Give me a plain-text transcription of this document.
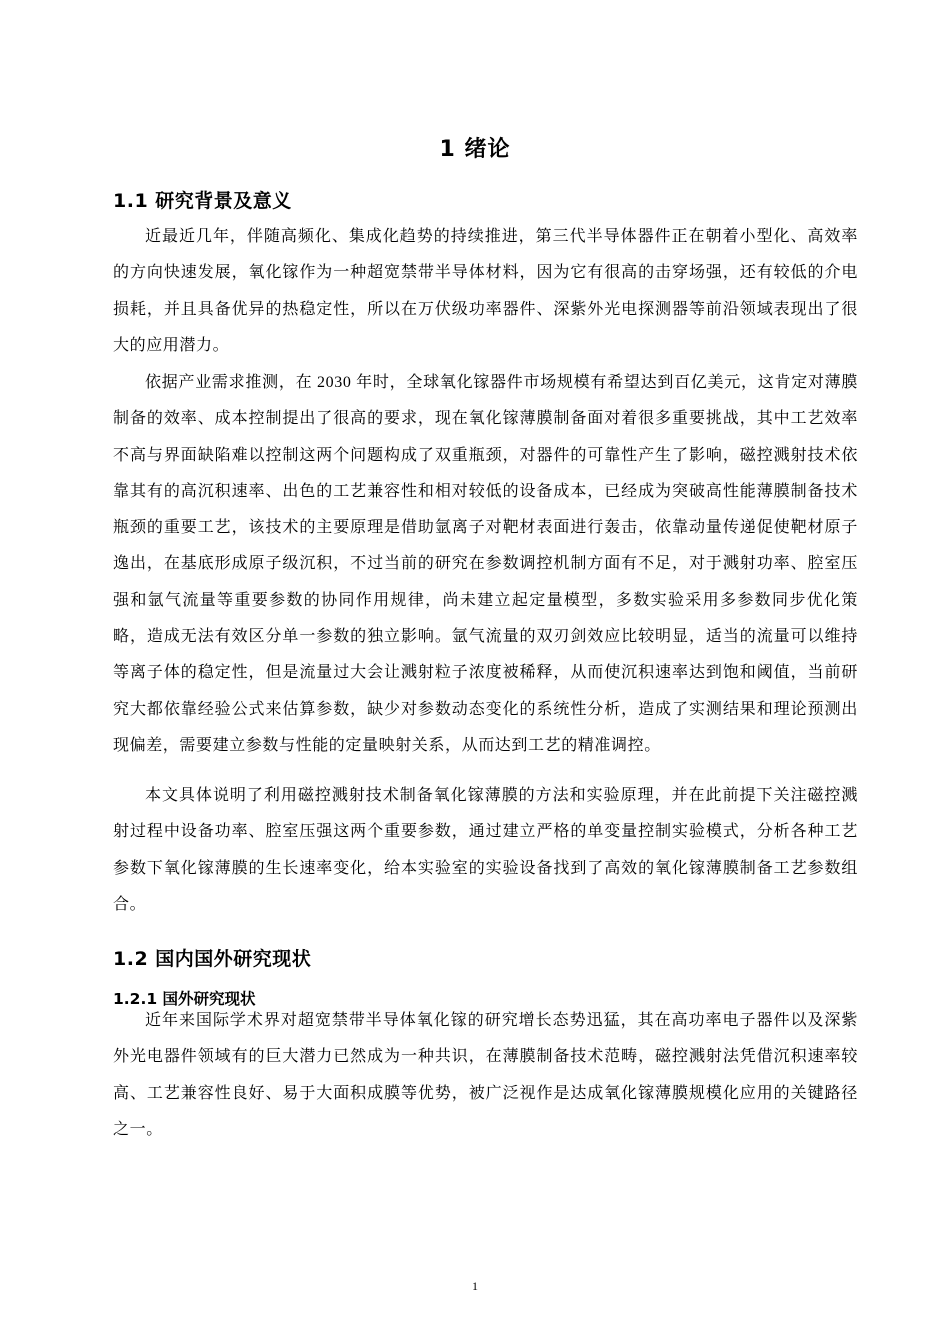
1 绪论
1.1 研究背景及意义

近最近几年，伴随高频化、集成化趋势的持续推进，第三代半导体器件正在朝着小型化、高效率的方向快速发展，氧化镓作为一种超宽禁带半导体材料，因为它有很高的击穿场强，还有较低的介电损耗，并且具备优异的热稳定性，所以在万伏级功率器件、深紫外光电探测器等前沿领域表现出了很大的应用潜力。

依据产业需求推测，在 2030 年时，全球氧化镓器件市场规模有希望达到百亿美元，这肯定对薄膜制备的效率、成本控制提出了很高的要求，现在氧化镓薄膜制备面对着很多重要挑战，其中工艺效率不高与界面缺陷难以控制这两个问题构成了双重瓶颈，对器件的可靠性产生了影响，磁控溅射技术依靠其有的高沉积速率、出色的工艺兼容性和相对较低的设备成本，已经成为突破高性能薄膜制备技术瓶颈的重要工艺，该技术的主要原理是借助氩离子对靶材表面进行轰击，依靠动量传递促使靶材原子逸出，在基底形成原子级沉积，不过当前的研究在参数调控机制方面有不足，对于溅射功率、腔室压强和氩气流量等重要参数的协同作用规律，尚未建立起定量模型，多数实验采用多参数同步优化策略，造成无法有效区分单一参数的独立影响。氩气流量的双刃剑效应比较明显，适当的流量可以维持等离子体的稳定性，但是流量过大会让溅射粒子浓度被稀释，从而使沉积速率达到饱和阈值，当前研究大都依靠经验公式来估算参数，缺少对参数动态变化的系统性分析，造成了实测结果和理论预测出现偏差，需要建立参数与性能的定量映射关系，从而达到工艺的精准调控。

本文具体说明了利用磁控溅射技术制备氧化镓薄膜的方法和实验原理，并在此前提下关注磁控溅射过程中设备功率、腔室压强这两个重要参数，通过建立严格的单变量控制实验模式，分析各种工艺参数下氧化镓薄膜的生长速率变化，给本实验室的实验设备找到了高效的氧化镓薄膜制备工艺参数组合。

1.2 国内国外研究现状
1.2.1 国外研究现状

近年来国际学术界对超宽禁带半导体氧化镓的研究增长态势迅猛，其在高功率电子器件以及深紫外光电器件领域有的巨大潜力已然成为一种共识，在薄膜制备技术范畴，磁控溅射法凭借沉积速率较高、工艺兼容性良好、易于大面积成膜等优势，被广泛视作是达成氧化镓薄膜规模化应用的关键路径之一。

1
